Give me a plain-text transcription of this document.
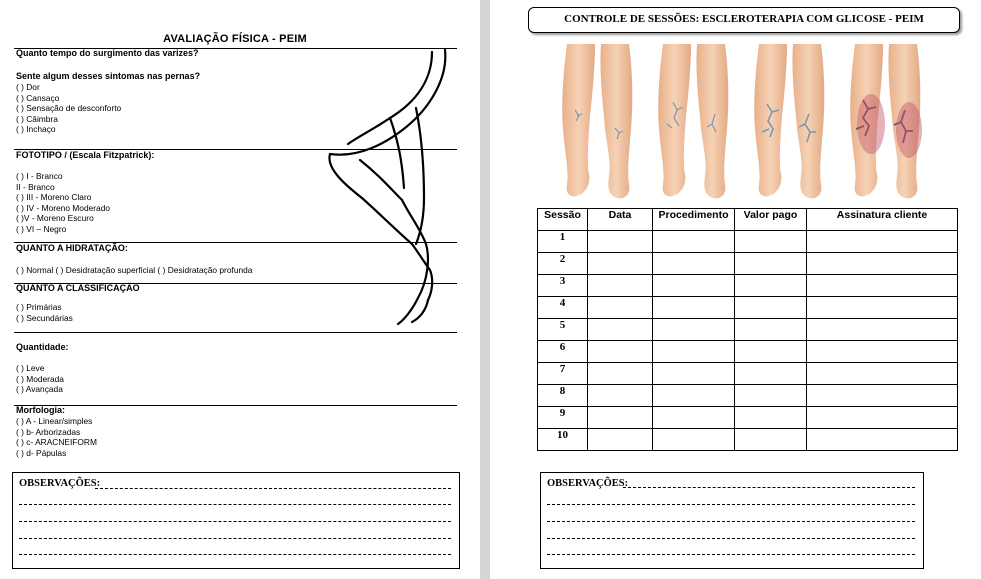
AVALIAÇÃO FÍSICA - PEIM
Quanto tempo do surgimento das varizes?
Sente algum desses sintomas nas pernas?
( ) Dor
( ) Cansaço
( ) Sensação de desconforto
( ) Câimbra
( ) Inchaço
FOTOTIPO / (Escala Fitzpatrick):
( ) I - Branco
II - Branco
( ) III - Moreno Claro
( ) IV - Moreno Moderado
( )V - Moreno Escuro
( ) VI – Negro
QUANTO A HIDRATAÇÃO:
( ) Normal ( ) Desidratação superficial ( ) Desidratação profunda
QUANTO A CLASSIFICAÇÃO
( ) Primárias
( ) Secundárias
Quantidade:
( ) Leve
( ) Moderada
( ) Avançada
Morfologia:
( ) A - Linear/simples
( ) b- Arborizadas
( ) c- ARACNEIFORM
( ) d- Pápulas
OBSERVAÇÕES:
CONTROLE DE SESSÕES: ESCLEROTERAPIA COM GLICOSE - PEIM
Sessão	Data	Procedimento	Valor pago	Assinatura cliente
1				
2				
3				
4				
5				
6				
7				
8				
9				
10				
OBSERVAÇÕES:
